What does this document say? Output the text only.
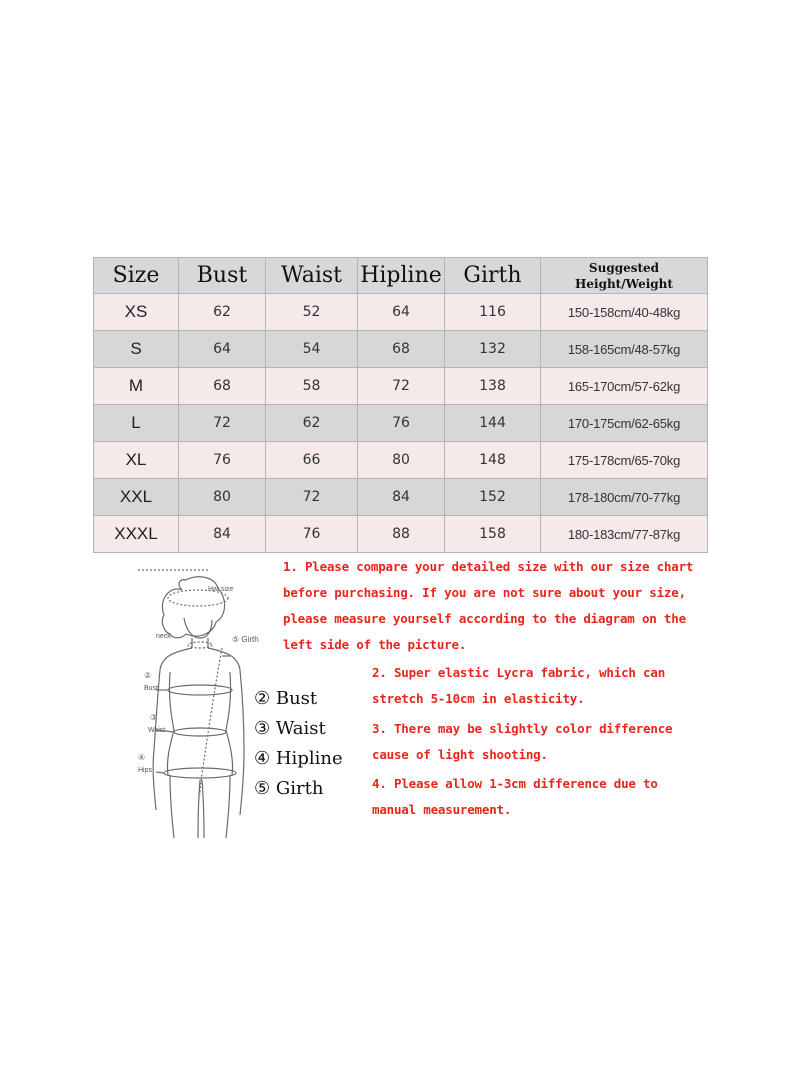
Size	Bust	Waist	Hipline	Girth	Suggested
Height/Weight

XS	62	52	64	116	150-158cm/40-48kg
S	64	54	68	132	158-165cm/48-57kg
M	68	58	72	138	165-170cm/57-62kg
L	72	62	76	144	170-175cm/62-65kg
XL	76	66	80	148	175-178cm/65-70kg
XXL	80	72	84	152	178-180cm/70-77kg
XXXL	84	76	88	158	180-183cm/77-87kg
Hat size
neck	⑤ Girth
②
Bust
③
Waist
④
Hips
② Bust
③ Waist
④ Hipline
⑤ Girth
1. Please compare your detailed size with our size chart
before purchasing. If you are not sure about your size,
please measure yourself according to the diagram on the
left side of the picture.
2. Super elastic Lycra fabric, which can
stretch 5-10cm in elasticity.
3. There may be slightly color difference
cause of light shooting.
4. Please allow 1-3cm difference due to
manual measurement.
